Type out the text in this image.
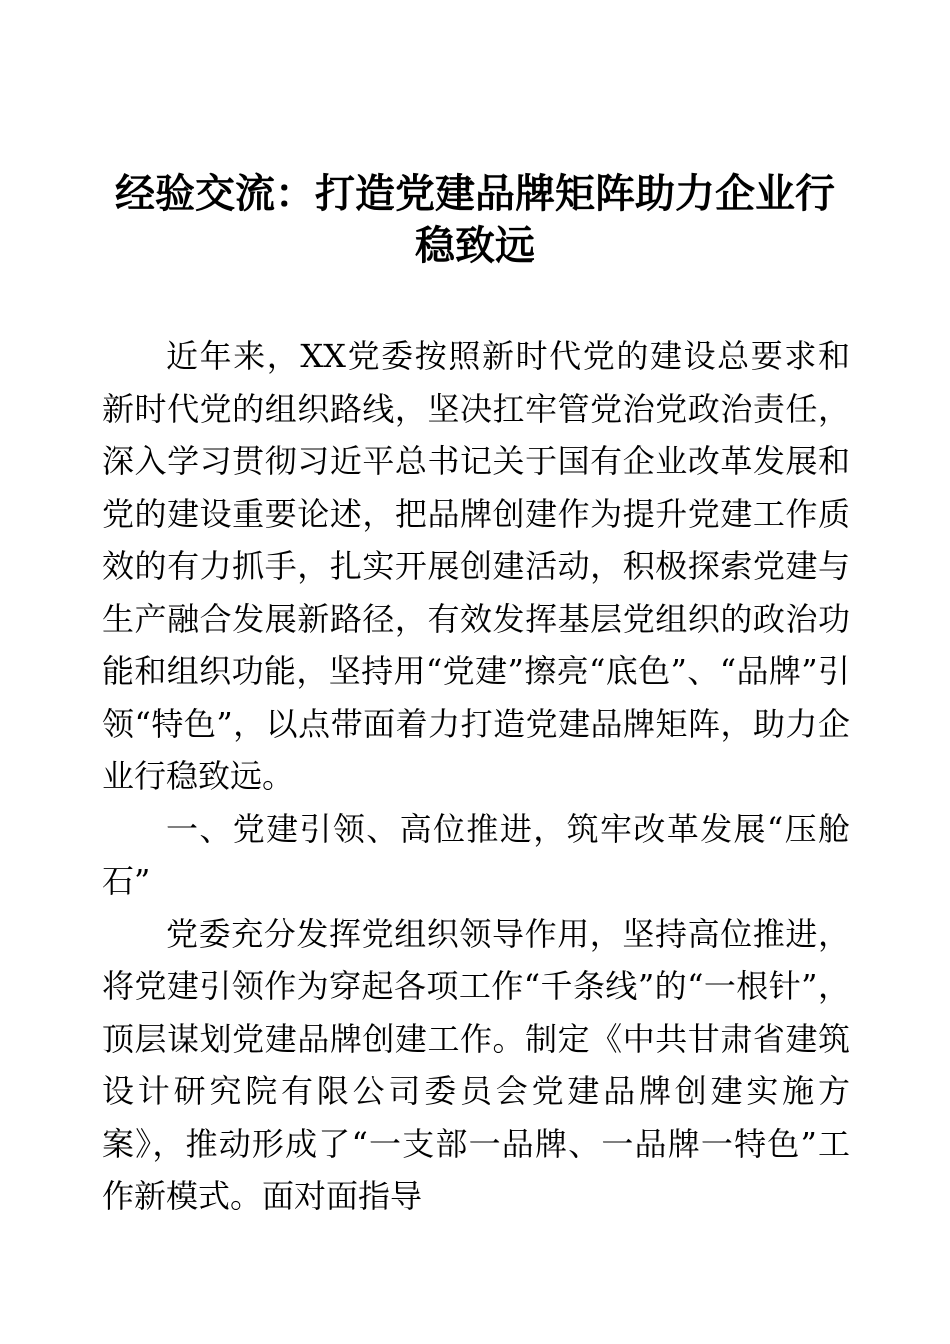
经验交流：打造党建品牌矩阵助力企业行稳致远

近年来，XX党委按照新时代党的建设总要求和新时代党的组织路线，坚决扛牢管党治党政治责任，深入学习贯彻习近平总书记关于国有企业改革发展和党的建设重要论述，把品牌创建作为提升党建工作质效的有力抓手，扎实开展创建活动，积极探索党建与生产融合发展新路径，有效发挥基层党组织的政治功能和组织功能，坚持用“党建”擦亮“底色”、“品牌”引领“特色”，以点带面着力打造党建品牌矩阵，助力企业行稳致远。

一、党建引领、高位推进，筑牢改革发展“压舱石”

党委充分发挥党组织领导作用，坚持高位推进，将党建引领作为穿起各项工作“千条线”的“一根针”，顶层谋划党建品牌创建工作。制定《中共甘肃省建筑设计研究院有限公司委员会党建品牌创建实施方案》，推动形成了“一支部一品牌、一品牌一特色”工作新模式。面对面指导
